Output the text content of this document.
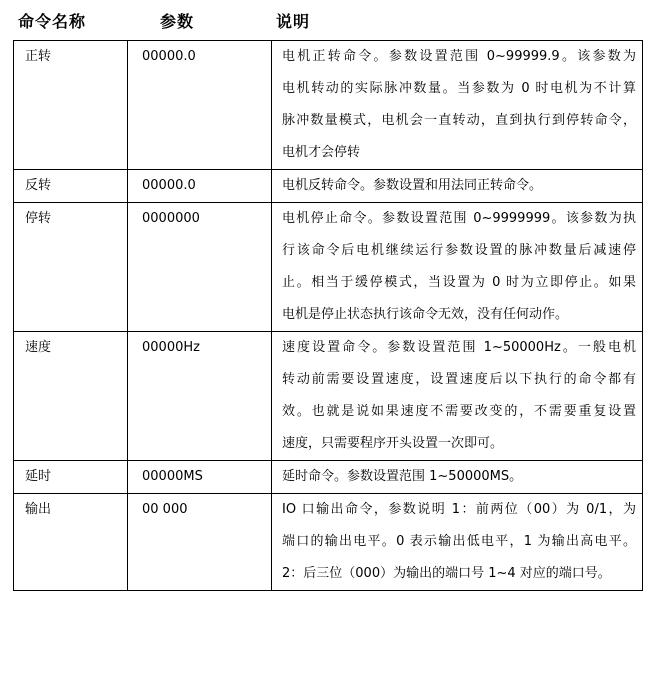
命令名称	参数	说明
正转	00000.0	电机正转命令。参数设置范围 0~99999.9。该参数为
电机转动的实际脉冲数量。当参数为 0 时电机为不计算
脉冲数量模式，电机会一直转动，直到执行到停转命令，
电机才会停转

反转	00000.0	电机反转命令。参数设置和用法同正转命令。

停转	0000000	电机停止命令。参数设置范围 0~9999999。该参数为执
行该命令后电机继续运行参数设置的脉冲数量后减速停
止。相当于缓停模式，当设置为 0 时为立即停止。如果
电机是停止状态执行该命令无效，没有任何动作。

速度	00000Hz	速度设置命令。参数设置范围 1~50000Hz。一般电机
转动前需要设置速度，设置速度后以下执行的命令都有
效。也就是说如果速度不需要改变的，不需要重复设置
速度，只需要程序开头设置一次即可。

延时	00000MS	延时命令。参数设置范围 1~50000MS。

输出	00 000	IO 口输出命令，参数说明 1：前两位（00）为 0/1，为
端口的输出电平。0 表示输出低电平，1 为输出高电平。
2：后三位（000）为输出的端口号 1~4 对应的端口号。
